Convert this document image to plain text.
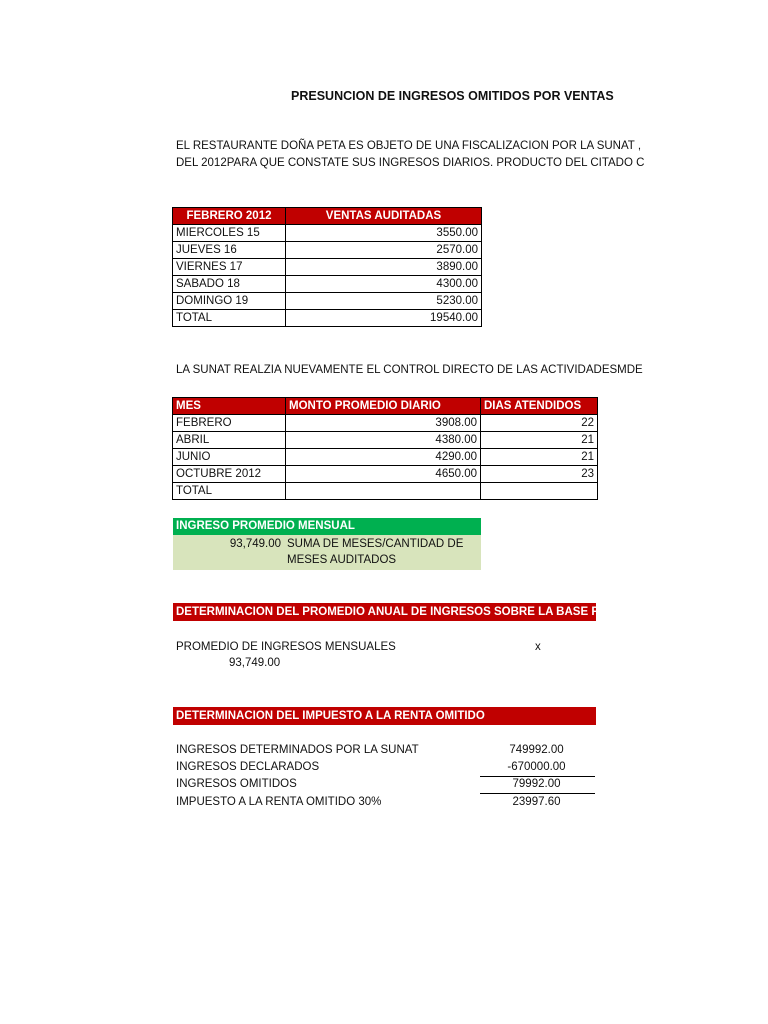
PRESUNCION DE INGRESOS OMITIDOS POR VENTAS
EL RESTAURANTE DOÑA PETA ES OBJETO DE UNA FISCALIZACION POR LA SUNAT ,
DEL 2012PARA QUE CONSTATE SUS INGRESOS DIARIOS. PRODUCTO DEL CITADO C
FEBRERO 2012	VENTAS AUDITADAS
MIERCOLES 15	3550.00
JUEVES 16	2570.00
VIERNES 17	3890.00
SABADO 18	4300.00
DOMINGO 19	5230.00
TOTAL	19540.00
LA SUNAT REALZIA NUEVAMENTE EL CONTROL DIRECTO DE LAS ACTIVIDADESMDE
MES	MONTO PROMEDIO DIARIO	DIAS ATENDIDOS
FEBRERO	3908.00	22
ABRIL	4380.00	21
JUNIO	4290.00	21
OCTUBRE 2012	4650.00	23
TOTAL		
INGRESO PROMEDIO MENSUAL
93,749.00 SUMA DE MESES/CANTIDAD DE
MESES AUDITADOS
DETERMINACION DEL PROMEDIO ANUAL DE INGRESOS SOBRE LA BASE PRESUNTA
PROMEDIO DE INGRESOS MENSUALES	x
93,749.00
DETERMINACION DEL IMPUESTO A LA RENTA OMITIDO
INGRESOS DETERMINADOS POR LA SUNAT	749992.00
INGRESOS DECLARADOS	-670000.00
INGRESOS OMITIDOS	79992.00
IMPUESTO A LA RENTA OMITIDO 30%	23997.60
